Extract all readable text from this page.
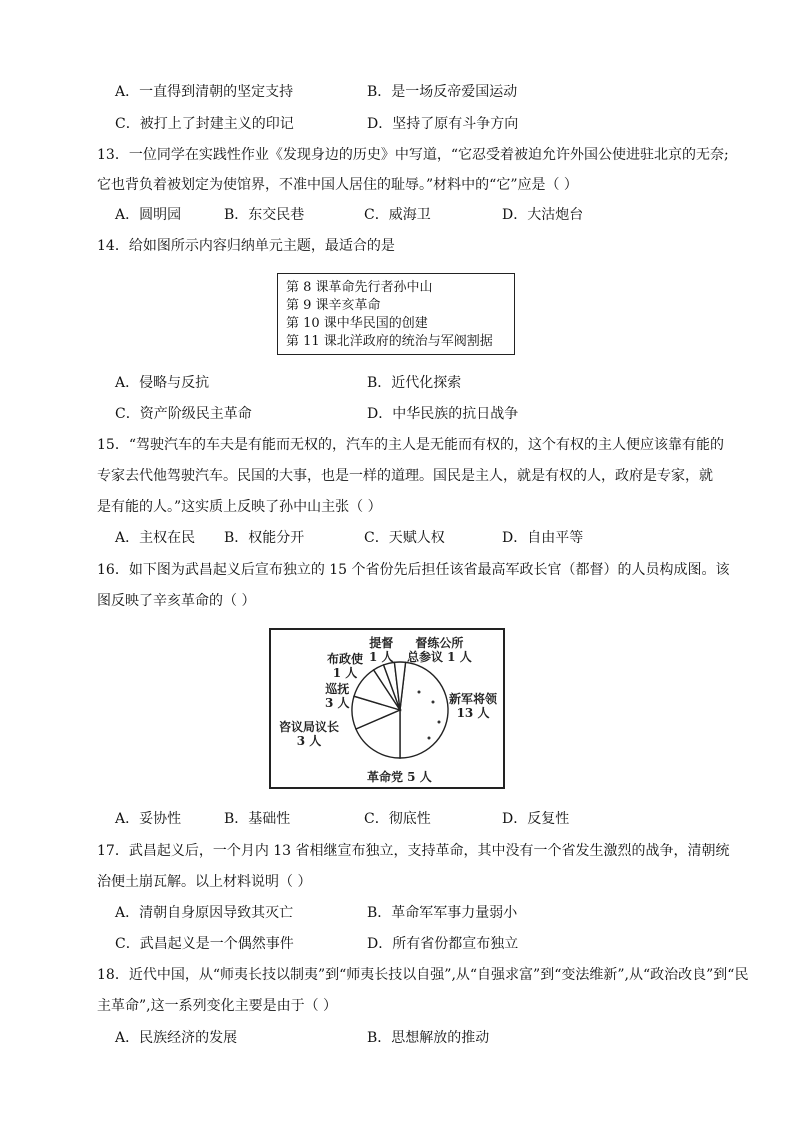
A．一直得到清朝的坚定支持	B．是一场反帝爱国运动
C．被打上了封建主义的印记	D．坚持了原有斗争方向
13．一位同学在实践性作业《发现身边的历史》中写道，“它忍受着被迫允许外国公使进驻北京的无奈;
它也背负着被划定为使馆界，不准中国人居住的耻辱。”材料中的“它”应是（ ）
A．圆明园	B．东交民巷	C．威海卫	D．大沽炮台
14．给如图所示内容归纳单元主题，最适合的是
第 8 课革命先行者孙中山
第 9 课辛亥革命
第 10 课中华民国的创建
第 11 课北洋政府的统治与军阀割据
A．侵略与反抗	B．近代化探索
C．资产阶级民主革命	D．中华民族的抗日战争
15．“驾驶汽车的车夫是有能而无权的，汽车的主人是无能而有权的，这个有权的主人便应该靠有能的
专家去代他驾驶汽车。民国的大事，也是一样的道理。国民是主人，就是有权的人，政府是专家，就
是有能的人。”这实质上反映了孙中山主张（ ）
A．主权在民 B．权能分开	C．天赋人权	D．自由平等
16．如下图为武昌起义后宣布独立的 15 个省份先后担任该省最高军政长官（都督）的人员构成图。该
图反映了辛亥革命的（ ）
提督
1 人
督练公所
总参议 1 人
布政使
1 人
巡抚
3 人
咨议局议长
3 人
新军将领
13 人
革命党 5 人
A．妥协性	B．基础性	C．彻底性	D．反复性
17．武昌起义后，一个月内 13 省相继宣布独立，支持革命，其中没有一个省发生激烈的战争，清朝统
治便土崩瓦解。以上材料说明（ ）
A．清朝自身原因导致其灭亡	B．革命军军事力量弱小
C．武昌起义是一个偶然事件	D．所有省份都宣布独立
18．近代中国，从“师夷长技以制夷”到“师夷长技以自强”,从“自强求富”到“变法维新”,从“政治改良”到“民
主革命”,这一系列变化主要是由于（ ）
A．民族经济的发展	B．思想解放的推动
